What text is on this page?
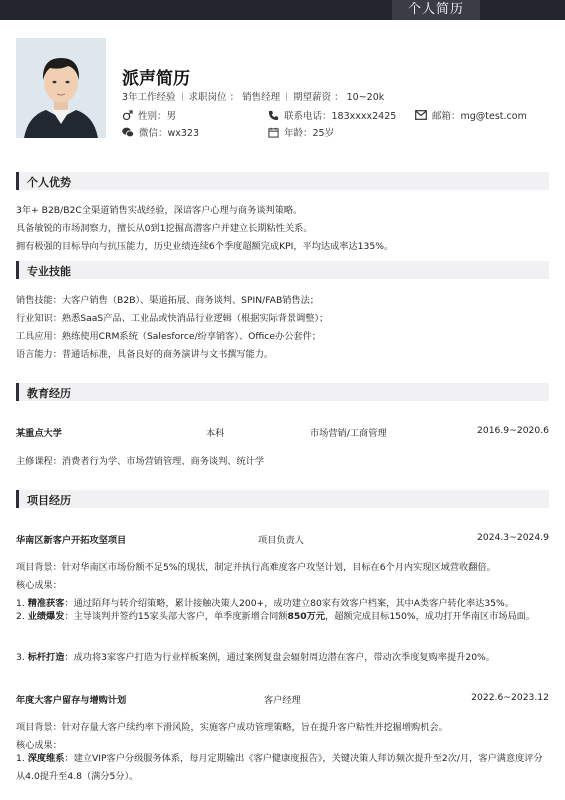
个人简历
派声简历
3年工作经验 求职岗位 ： 销售经理 期望薪资 ： 10~20k
性别：男	联系电话：183xxxx2425	邮箱：mg@test.com
微信：wx323	年龄：25岁
个人优势
3年+ B2B/B2C全渠道销售实战经验，深谙客户心理与商务谈判策略。
具备敏锐的市场洞察力，擅长从0到1挖掘高潜客户并建立长期粘性关系。
拥有极强的目标导向与抗压能力，历史业绩连续6个季度超额完成KPI，平均达成率达135%。
专业技能
销售技能：大客户销售（B2B）、渠道拓展、商务谈判、SPIN/FAB销售法；
行业知识：熟悉SaaS产品、工业品或快消品行业逻辑（根据实际背景调整）；
工具应用：熟练使用CRM系统（Salesforce/纷享销客）、Office办公套件；
语言能力：普通话标准，具备良好的商务演讲与文书撰写能力。
教育经历
某重点大学	本科	市场营销/工商管理	2016.9~2020.6
主修课程：消费者行为学、市场营销管理、商务谈判、统计学
项目经历
华南区新客户开拓攻坚项目	项目负责人	2024.3~2024.9
项目背景：针对华南区市场份额不足5%的现状，制定并执行高难度客户攻坚计划，目标在6个月内实现区域营收翻倍。
核心成果：
1. 精准获客：通过陌拜与转介绍策略，累计接触决策人200+，成功建立80家有效客户档案，其中A类客户转化率达35%。
2. 业绩爆发：主导谈判并签约15家头部大客户，单季度新增合同额850万元，超额完成目标150%，成功打开华南区市场局面。
3. 标杆打造：成功将3家客户打造为行业样板案例，通过案例复盘会辐射周边潜在客户，带动次季度复购率提升20%。
年度大客户留存与增购计划	客户经理	2022.6~2023.12
项目背景：针对存量大客户续约率下滑风险，实施客户成功管理策略，旨在提升客户粘性并挖掘增购机会。
核心成果：
1. 深度维系：建立VIP客户分级服务体系，每月定期输出《客户健康度报告》，关键决策人拜访频次提升至2次/月，客户满意度评分从4.0提升至4.8（满分5分）。
